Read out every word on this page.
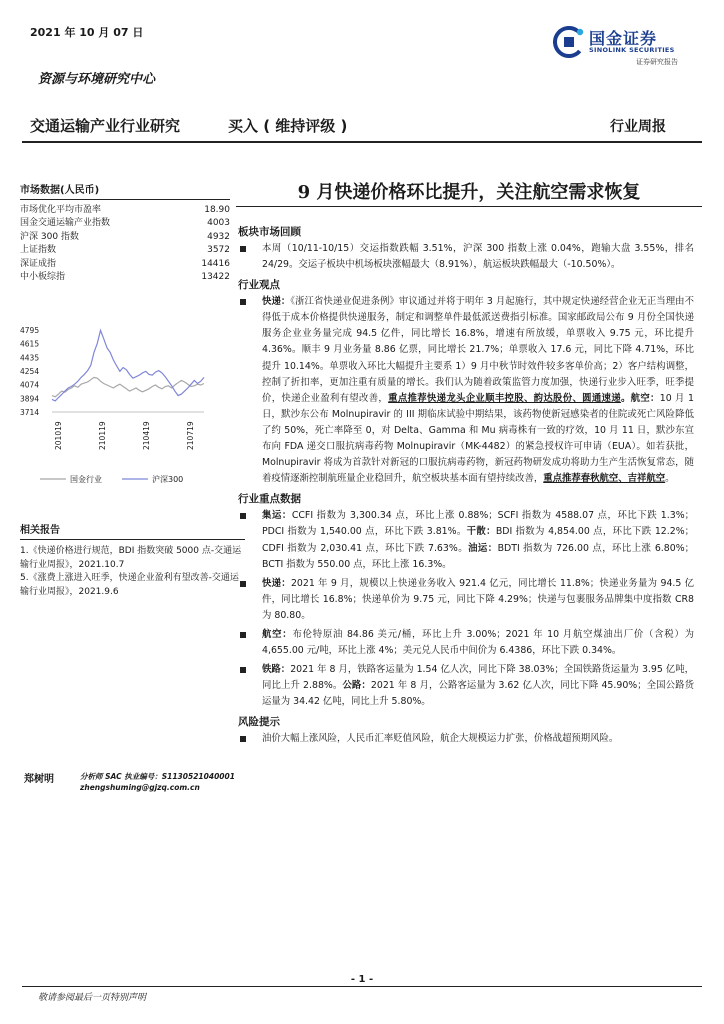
2021 年 10 月 07 日	国金证券
SINOLINK SECURITIES
证券研究报告
资源与环境研究中心
交通运输产业行业研究	买入 ( 维持评级 )	行业周报
市场数据(人民币)
市场优化平均市盈率	18.90
国金交通运输产业指数	4003
沪深 300 指数	4932
上证指数	3572
深证成指	14416
中小板综指	13422
4795
4615
4435
4254
4074
3894
3714
201019	210119	210419	210719
国金行业	沪深300
相关报告
1.《快递价格进行规范，BDI 指数突破 5000 点-交通运输行业周报》，2021.10.7
5.《涨费上涨进入旺季，快递企业盈利有望改善-交通运输行业周报》，2021.9.6
郑树明	分析师 SAC 执业编号：S1130521040001
zhengshuming@gjzq.com.cn
9 月快递价格环比提升，关注航空需求恢复
板块市场回顾
本周（10/11-10/15）交运指数跌幅 3.51%，沪深 300 指数上涨 0.04%，跑输大盘 3.55%，排名 24/29。交运子板块中机场板块涨幅最大（8.91%），航运板块跌幅最大（-10.50%）。
行业观点
快递：《浙江省快递业促进条例》审议通过并将于明年 3 月起施行，其中规定快递经营企业无正当理由不得低于成本价格提供快递服务，制定和调整单件最低派送费指引标准。国家邮政局公布 9 月份全国快递服务企业业务量完成 94.5 亿件，同比增长 16.8%，增速有所放缓，单票收入 9.75 元，环比提升 4.36%。顺丰 9 月业务量 8.86 亿票，同比增长 21.7%；单票收入 17.6 元，同比下降 4.71%，环比提升 10.14%。单票收入环比大幅提升主要系 1）9 月中秋节时效件较多客单价高；2）客户结构调整，控制了折扣率，更加注重有质量的增长。我们认为随着政策监管力度加强，快递行业步入旺季，旺季提价，快递企业盈利有望改善，重点推荐快递龙头企业顺丰控股、韵达股份、圆通速递。航空：10 月 1 日，默沙东公布 Molnupiravir 的 III 期临床试验中期结果，该药物使新冠感染者的住院或死亡风险降低了约 50%，死亡率降至 0，对 Delta、Gamma 和 Mu 病毒株有一致的疗效，10 月 11 日，默沙东宣布向 FDA 递交口服抗病毒药物 Molnupiravir（MK-4482）的紧急授权许可申请（EUA）。如若获批，Molnupiravir 将成为首款针对新冠的口服抗病毒药物，新冠药物研发成功将助力生产生活恢复常态，随着疫情逐渐控制航班量企业稳回升，航空板块基本面有望持续改善，重点推荐春秋航空、吉祥航空。
行业重点数据
集运：CCFI 指数为 3,300.34 点，环比上涨 0.88%；SCFI 指数为 4588.07 点，环比下跌 1.3%；PDCI 指数为 1,540.00 点，环比下跌 3.81%。干散：BDI 指数为 4,854.00 点，环比下跌 12.2%；CDFI 指数为 2,030.41 点，环比下跌 7.63%。油运：BDTI 指数为 726.00 点，环比上涨 6.80%；BCTI 指数为 550.00 点，环比上涨 16.3%。
快递：2021 年 9 月，规模以上快递业务收入 921.4 亿元，同比增长 11.8%；快递业务量为 94.5 亿件，同比增长 16.8%；快递单价为 9.75 元，同比下降 4.29%；快递与包裹服务品牌集中度指数 CR8 为 80.80。
航空：布伦特原油 84.86 美元/桶，环比上升 3.00%；2021 年 10 月航空煤油出厂价（含税）为 4,655.00 元/吨，环比上涨 4%；美元兑人民币中间价为 6.4386，环比下跌 0.34%。
铁路：2021 年 8 月，铁路客运量为 1.54 亿人次，同比下降 38.03%；全国铁路货运量为 3.95 亿吨，同比上升 2.88%。公路：2021 年 8 月，公路客运量为 3.62 亿人次，同比下降 45.90%；全国公路货运量为 34.42 亿吨，同比上升 5.80%。
风险提示
油价大幅上涨风险，人民币汇率贬值风险，航企大规模运力扩张，价格战超预期风险。
- 1 -
敬请参阅最后一页特别声明
